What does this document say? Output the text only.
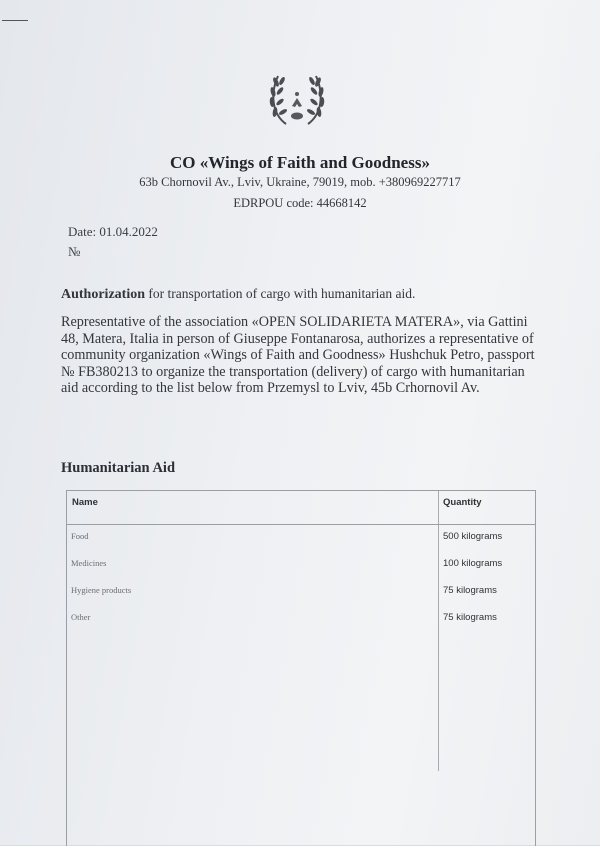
CO «Wings of Faith and Goodness»
63b Chornovil Av., Lviv, Ukraine, 79019, mob. +380969227717
EDRPOU code: 44668142
Date: 01.04.2022
№
Authorization for transportation of cargo with humanitarian aid.
Representative of the association «OPEN SOLIDARIETA MATERA», via Gattini 48, Matera, Italia in person of Giuseppe Fontanarosa, authorizes a representative of community organization «Wings of Faith and Goodness» Hushchuk Petro, passport № FB380213 to organize the transportation (delivery) of cargo with humanitarian aid according to the list below from Przemysl to Lviv, 45b Crhornovil Av.
Humanitarian Aid
Name	Quantity
Food	500 kilograms
Medicines	100 kilograms
Hygiene products	75 kilograms
Other	75 kilograms
